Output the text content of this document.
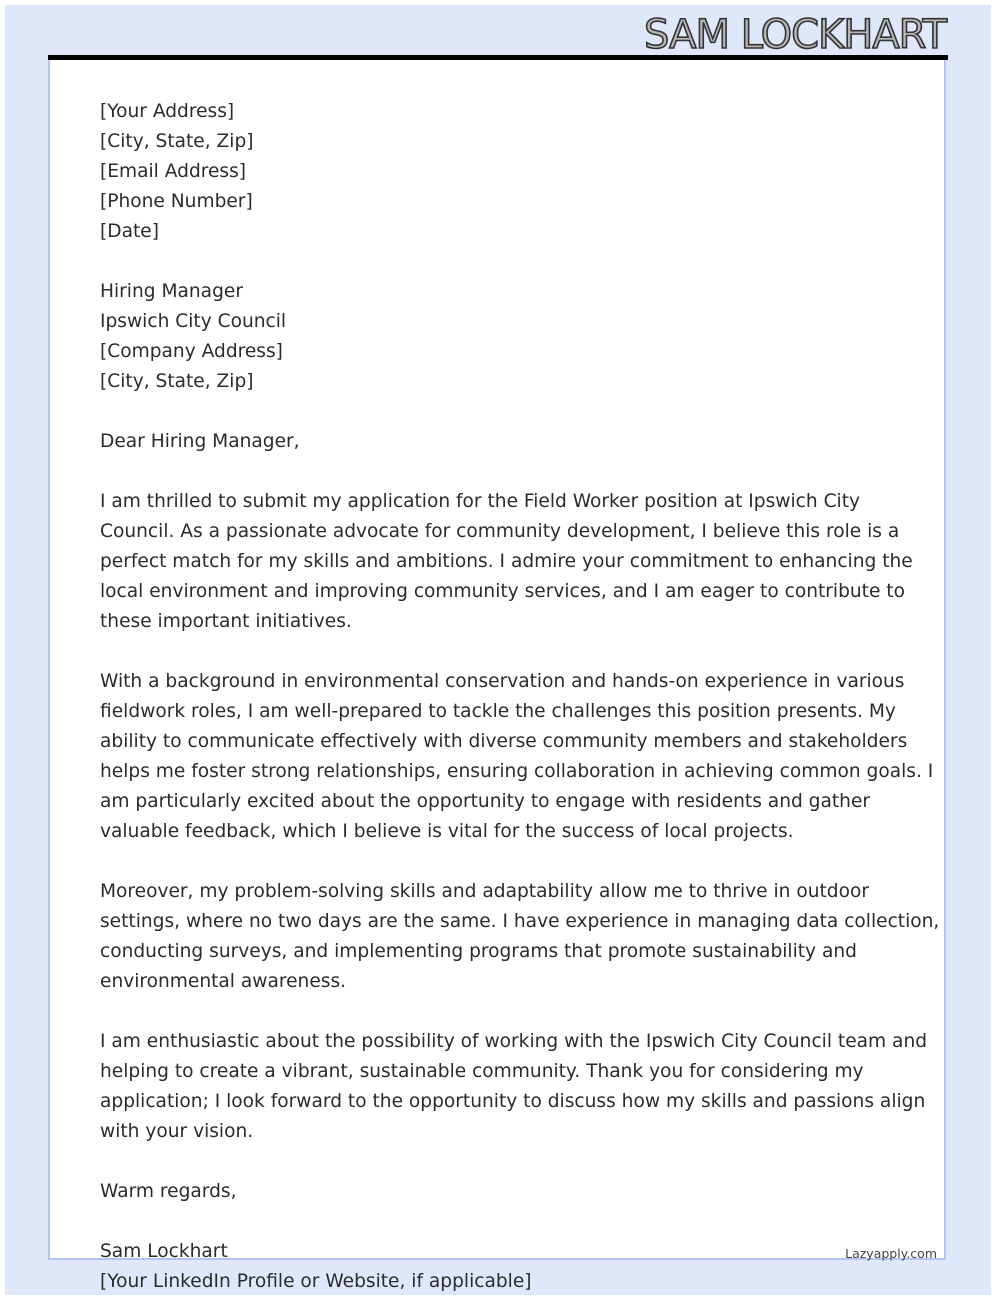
SAM LOCKHART
[Your Address]
[City, State, Zip]
[Email Address]
[Phone Number]
[Date]
Hiring Manager
Ipswich City Council
[Company Address]
[City, State, Zip]
Dear Hiring Manager,
I am thrilled to submit my application for the Field Worker position at Ipswich City
Council. As a passionate advocate for community development, I believe this role is a
perfect match for my skills and ambitions. I admire your commitment to enhancing the
local environment and improving community services, and I am eager to contribute to
these important initiatives.
With a background in environmental conservation and hands-on experience in various
fieldwork roles, I am well-prepared to tackle the challenges this position presents. My
ability to communicate effectively with diverse community members and stakeholders
helps me foster strong relationships, ensuring collaboration in achieving common goals. I
am particularly excited about the opportunity to engage with residents and gather
valuable feedback, which I believe is vital for the success of local projects.
Moreover, my problem-solving skills and adaptability allow me to thrive in outdoor
settings, where no two days are the same. I have experience in managing data collection,
conducting surveys, and implementing programs that promote sustainability and
environmental awareness.
I am enthusiastic about the possibility of working with the Ipswich City Council team and
helping to create a vibrant, sustainable community. Thank you for considering my
application; I look forward to the opportunity to discuss how my skills and passions align
with your vision.
Warm regards,
Sam Lockhart
[Your LinkedIn Profile or Website, if applicable]
Lazyapply.com
